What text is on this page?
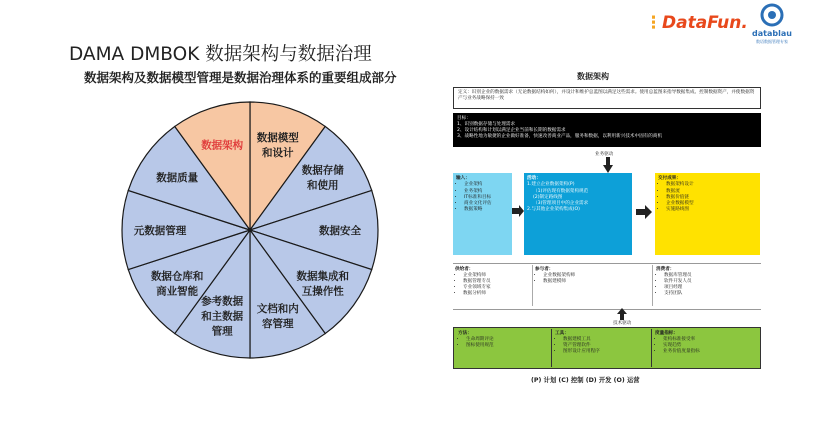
DAMA DMBOK 数据架构与数据治理
数据架构及数据模型管理是数据治理体系的重要组成部分
⋮DataFun.
datablau
数语数据管理专家
数据模型
和设计
数据存储
和使用
数据安全
数据集成和
互操作性
文档和内
容管理
参考数据
和主数据
管理
数据仓库和
商业智能
元数据管理
数据质量
数据架构
数据架构
定义：识别企业的数据需求（无论数据结构如何），并设计和维护总蓝图以满足这些需求。使用总蓝图来指导数据集成、控制数据资产，并使数据资产与业务战略保持一致
目标：
1、识别数据存储与处理需求
2、设计结构和计划以满足企业当前和长期的数据需求
3、战略性地为敏捷的企业做好准备，快速改善商业产品，服务和数据，以利用新兴技术中固有的商机
业务驱动
输入：
• 企业架构
• 业务架构
• IT标准和目标
• 商业文化评估
• 数据策略
活动：
1.建立企业数据架构(P)
（1)评估现有数据架构规范
(2)制定路线图
（3)管理项目中的企业需求
2.与其他企业架构集成(O)
交付成果：
• 数据架构设计
• 数据流
• 数据价值链
• 企业数据模型
• 实施路线图
供给者：
• 企业架构师
• 数据管理专员
• 专业领域专家
• 数据分析师
参与者：
• 企业数据架构师
• 数据建模师
消费者：
• 数据库管理员
• 软件开发人员
• 项目经理
• 支持团队
技术驱动
方法：
• 生命周期评论
• 图标使用规范
工具：
• 数据建模工具
• 资产管理软件
• 图形设计应用程序
度量指标：
• 架构标准接受率
• 实现趋势
• 业务价值度量指标
(P) 计划 (C) 控制 (D) 开发 (O) 运营
